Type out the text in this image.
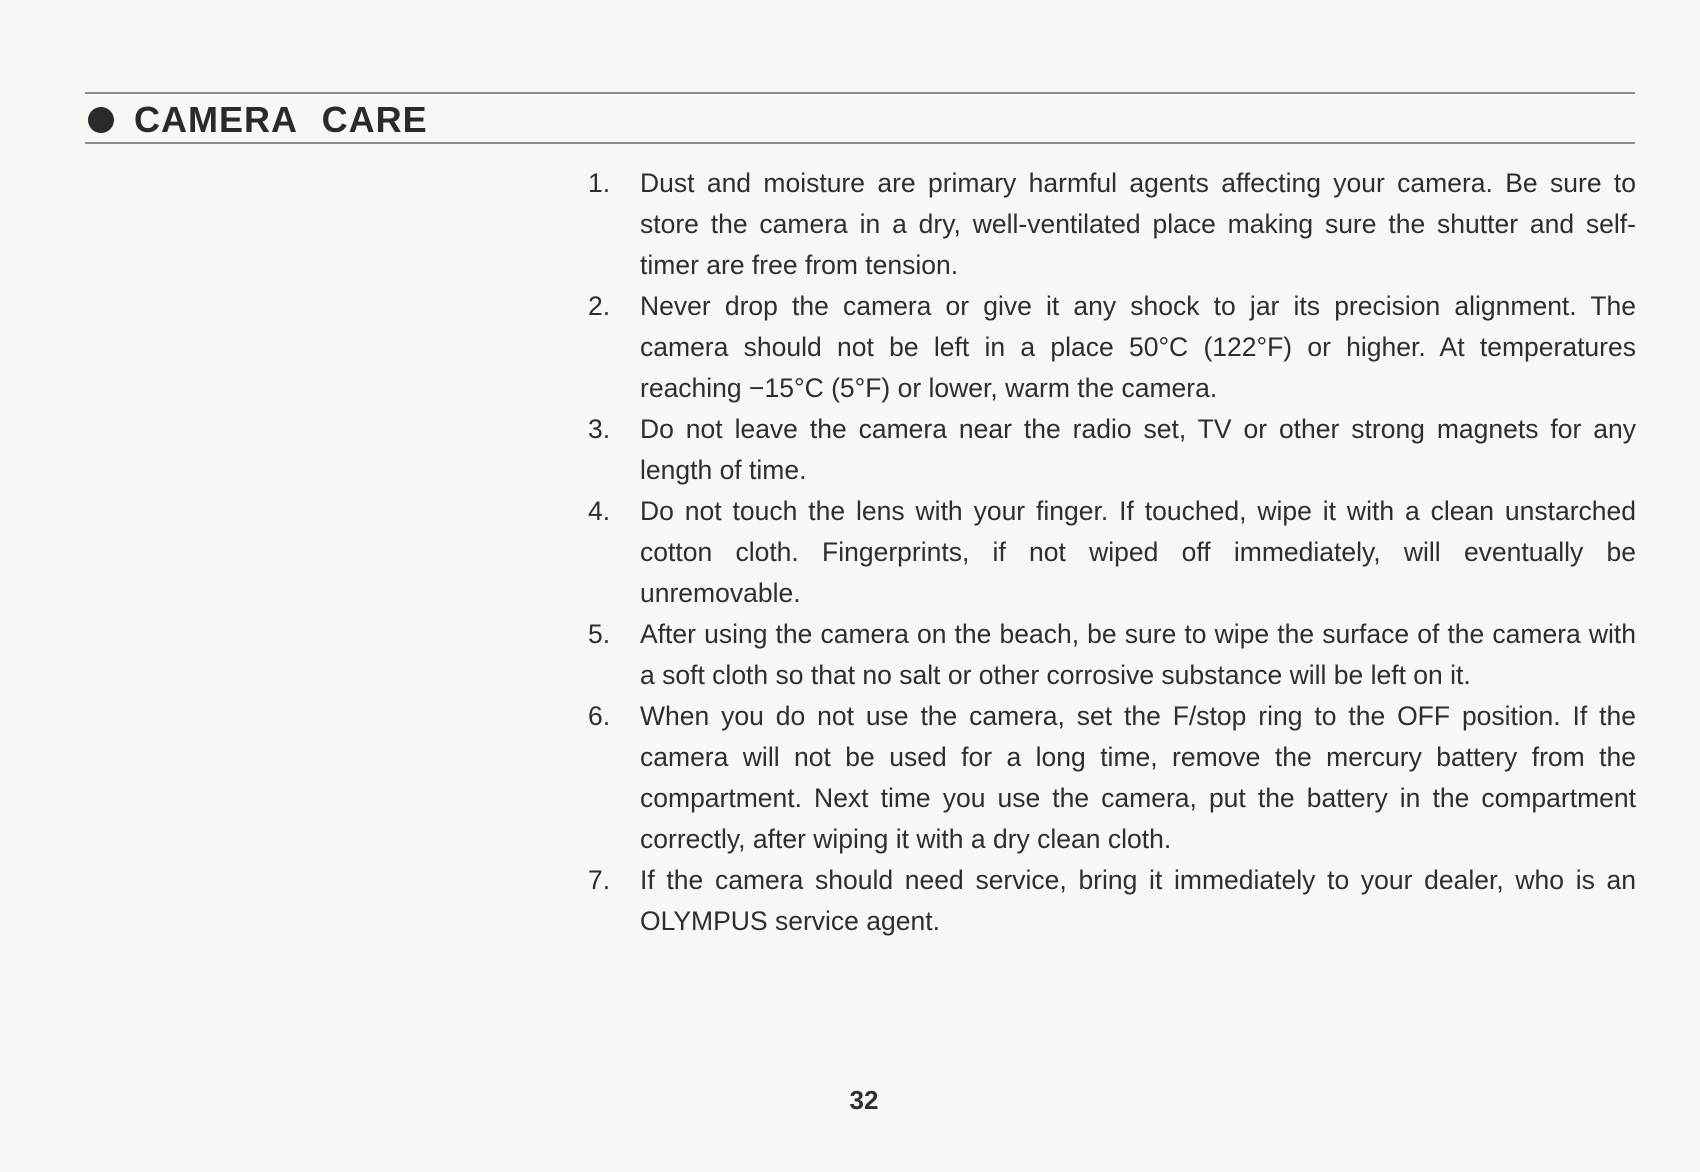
CAMERA CARE
1.	Dust and moisture are primary harmful agents affecting your camera. Be sure to store the camera in a dry, well-ventilated place making sure the shutter and self-timer are free from tension.
2.	Never drop the camera or give it any shock to jar its precision alignment. The camera should not be left in a place 50°C (122°F) or higher. At temperatures reaching −15°C (5°F) or lower, warm the camera.
3.	Do not leave the camera near the radio set, TV or other strong magnets for any length of time.
4.	Do not touch the lens with your finger. If touched, wipe it with a clean unstarched cotton cloth. Fingerprints, if not wiped off immediately, will eventually be unremovable.
5.	After using the camera on the beach, be sure to wipe the surface of the camera with a soft cloth so that no salt or other corrosive substance will be left on it.
6.	When you do not use the camera, set the F/stop ring to the OFF position. If the camera will not be used for a long time, remove the mercury battery from the compartment. Next time you use the camera, put the battery in the compartment correctly, after wiping it with a dry clean cloth.
7.	If the camera should need service, bring it immediately to your dealer, who is an OLYMPUS service agent.
32
